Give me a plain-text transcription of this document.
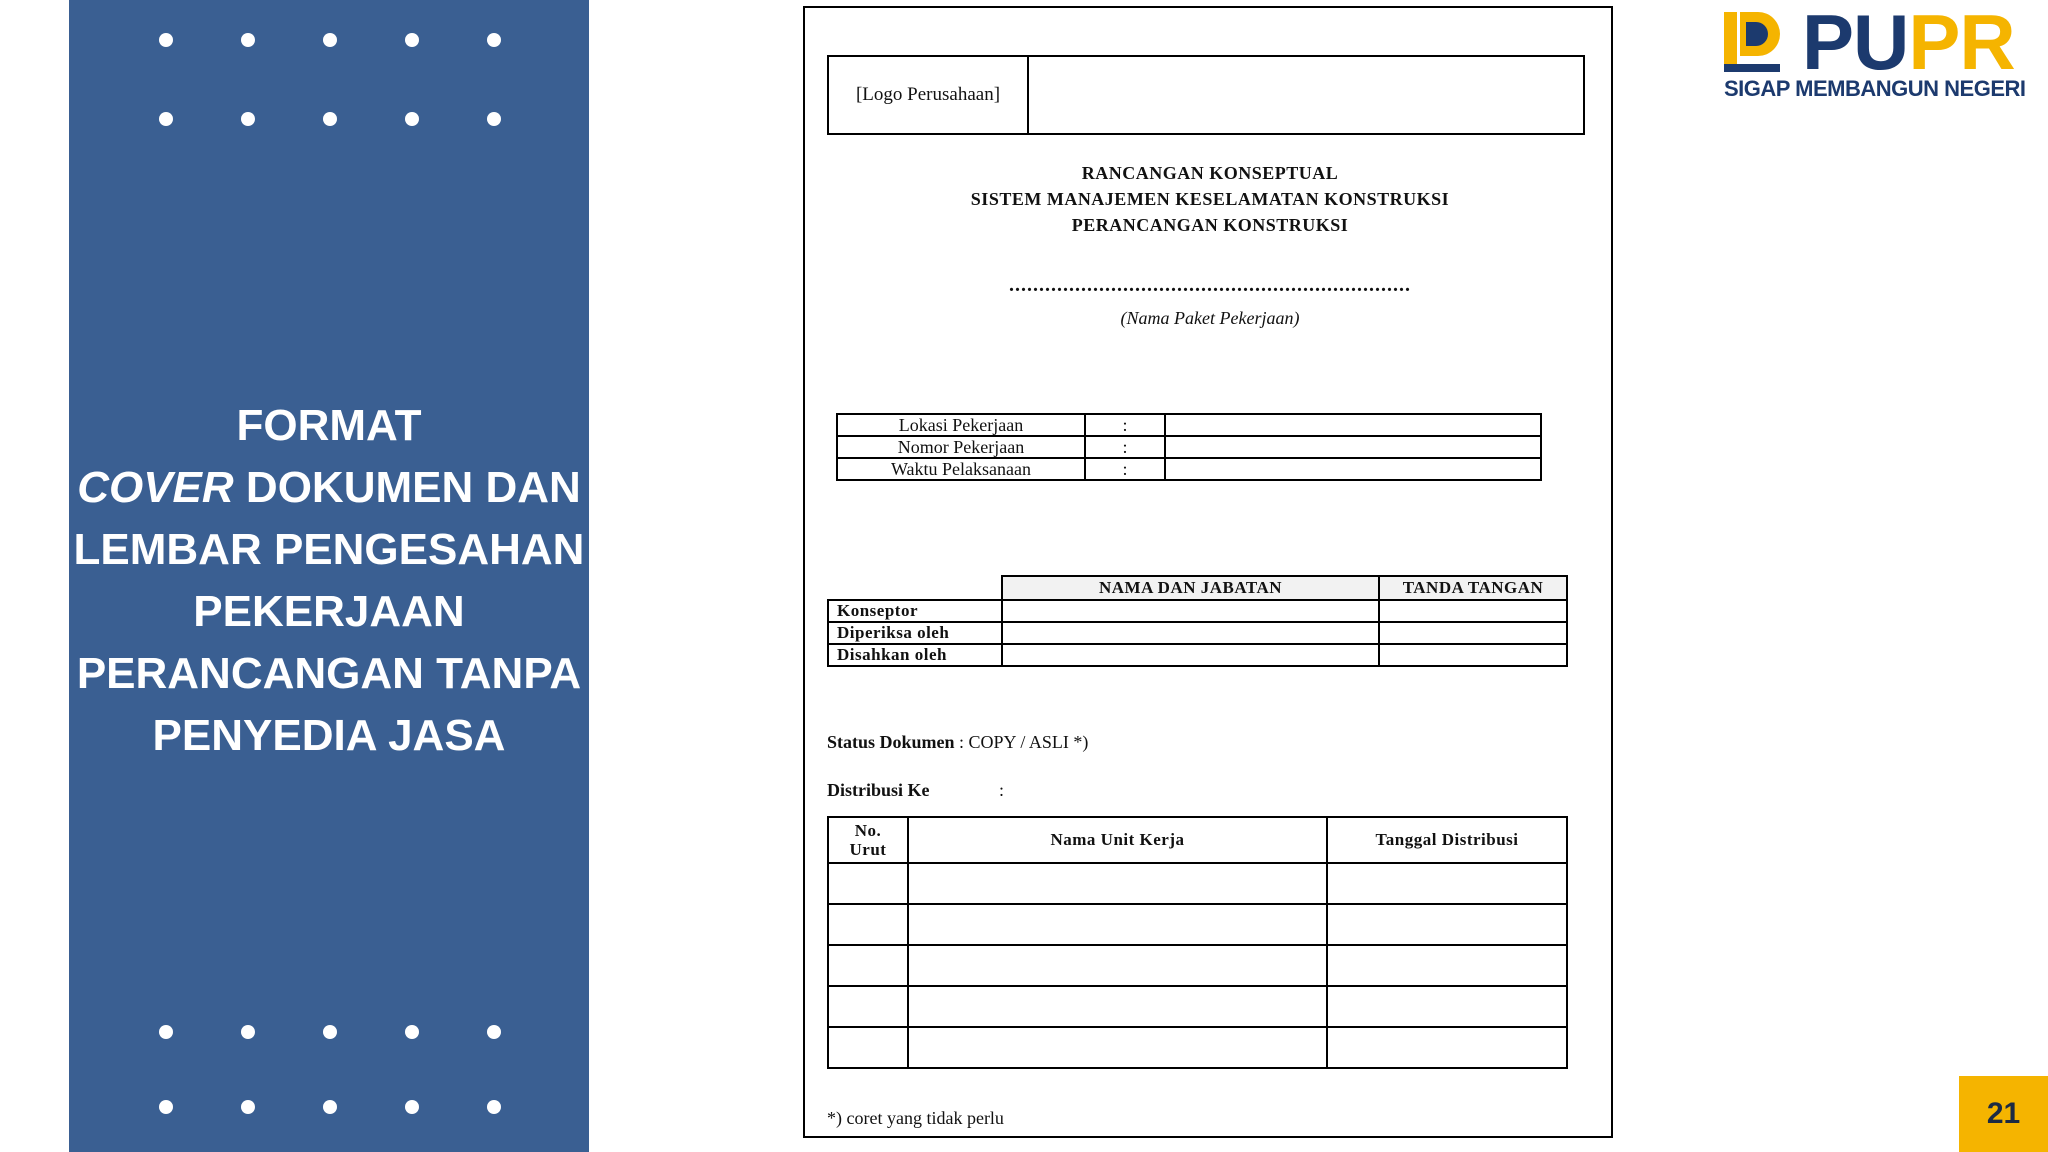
FORMAT
COVER DOKUMEN DAN
LEMBAR PENGESAHAN
PEKERJAAN
PERANCANGAN TANPA
PENYEDIA JASA
[Logo Perusahaan]
RANCANGAN KONSEPTUAL
SISTEM MANAJEMEN KESELAMATAN KONSTRUKSI
PERANCANGAN KONSTRUKSI
...................................................................
(Nama Paket Pekerjaan)
Lokasi Pekerjaan	:	
Nomor Pekerjaan	:	
Waktu Pelaksanaan	:	
	NAMA DAN JABATAN	TANDA TANGAN
Konseptor		
Diperiksa oleh		
Disahkan oleh		
Status Dokumen : COPY / ASLI *)
Distribusi Ke	:
No.
Urut	Nama Unit Kerja	Tanggal Distribusi

*) coret yang tidak perlu
PUPR
SIGAP MEMBANGUN NEGERI
21
